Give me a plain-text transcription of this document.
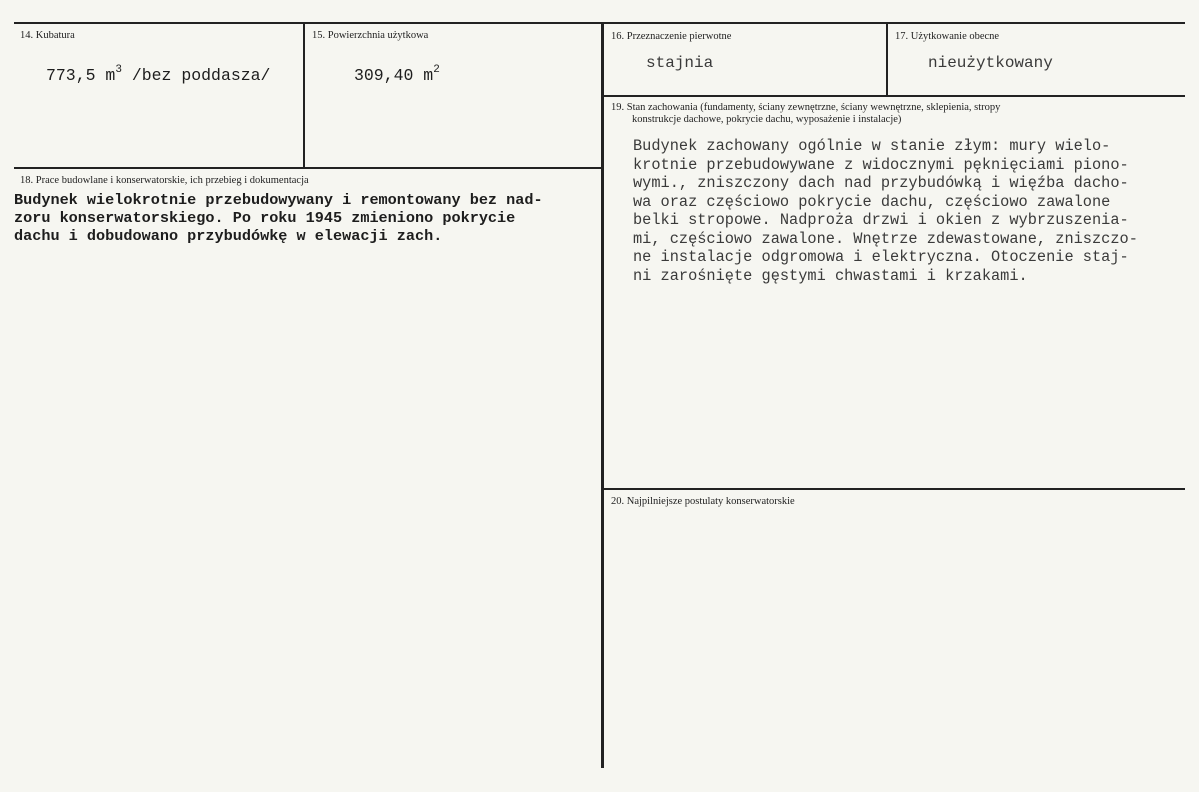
14. Kubatura
773,5 $m^3$ /bez poddasza/
15. Powierzchnia użytkowa
309,40 $m^2$
16. Przeznaczenie pierwotne
stajnia
17. Użytkowanie obecne
nieużytkowany
18. Prace budowlane i konserwatorskie, ich przebieg i dokumentacja
Budynek wielokrotnie przebudowywany i remontowany bez nad-
zoru konserwatorskiego. Po roku 1945 zmieniono pokrycie
dachu i dobudowano przybudówkę w elewacji zach.
19. Stan zachowania (fundamenty, ściany zewnętrzne, ściany wewnętrzne, sklepienia, stropy
konstrukcje dachowe, pokrycie dachu, wyposażenie i instalacje)
Budynek zachowany ogólnie w stanie złym: mury wielo-
krotnie przebudowywane z widocznymi pęknięciami piono-
wymi., zniszczony dach nad przybudówką i więźba dacho-
wa oraz częściowo pokrycie dachu, częściowo zawalone
belki stropowe. Nadproża drzwi i okien z wybrzuszenia-
mi, częściowo zawalone. Wnętrze zdewastowane, zniszczo-
ne instalacje odgromowa i elektryczna. Otoczenie staj-
ni zarośnięte gęstymi chwastami i krzakami.
20. Najpilniejsze postulaty konserwatorskie
